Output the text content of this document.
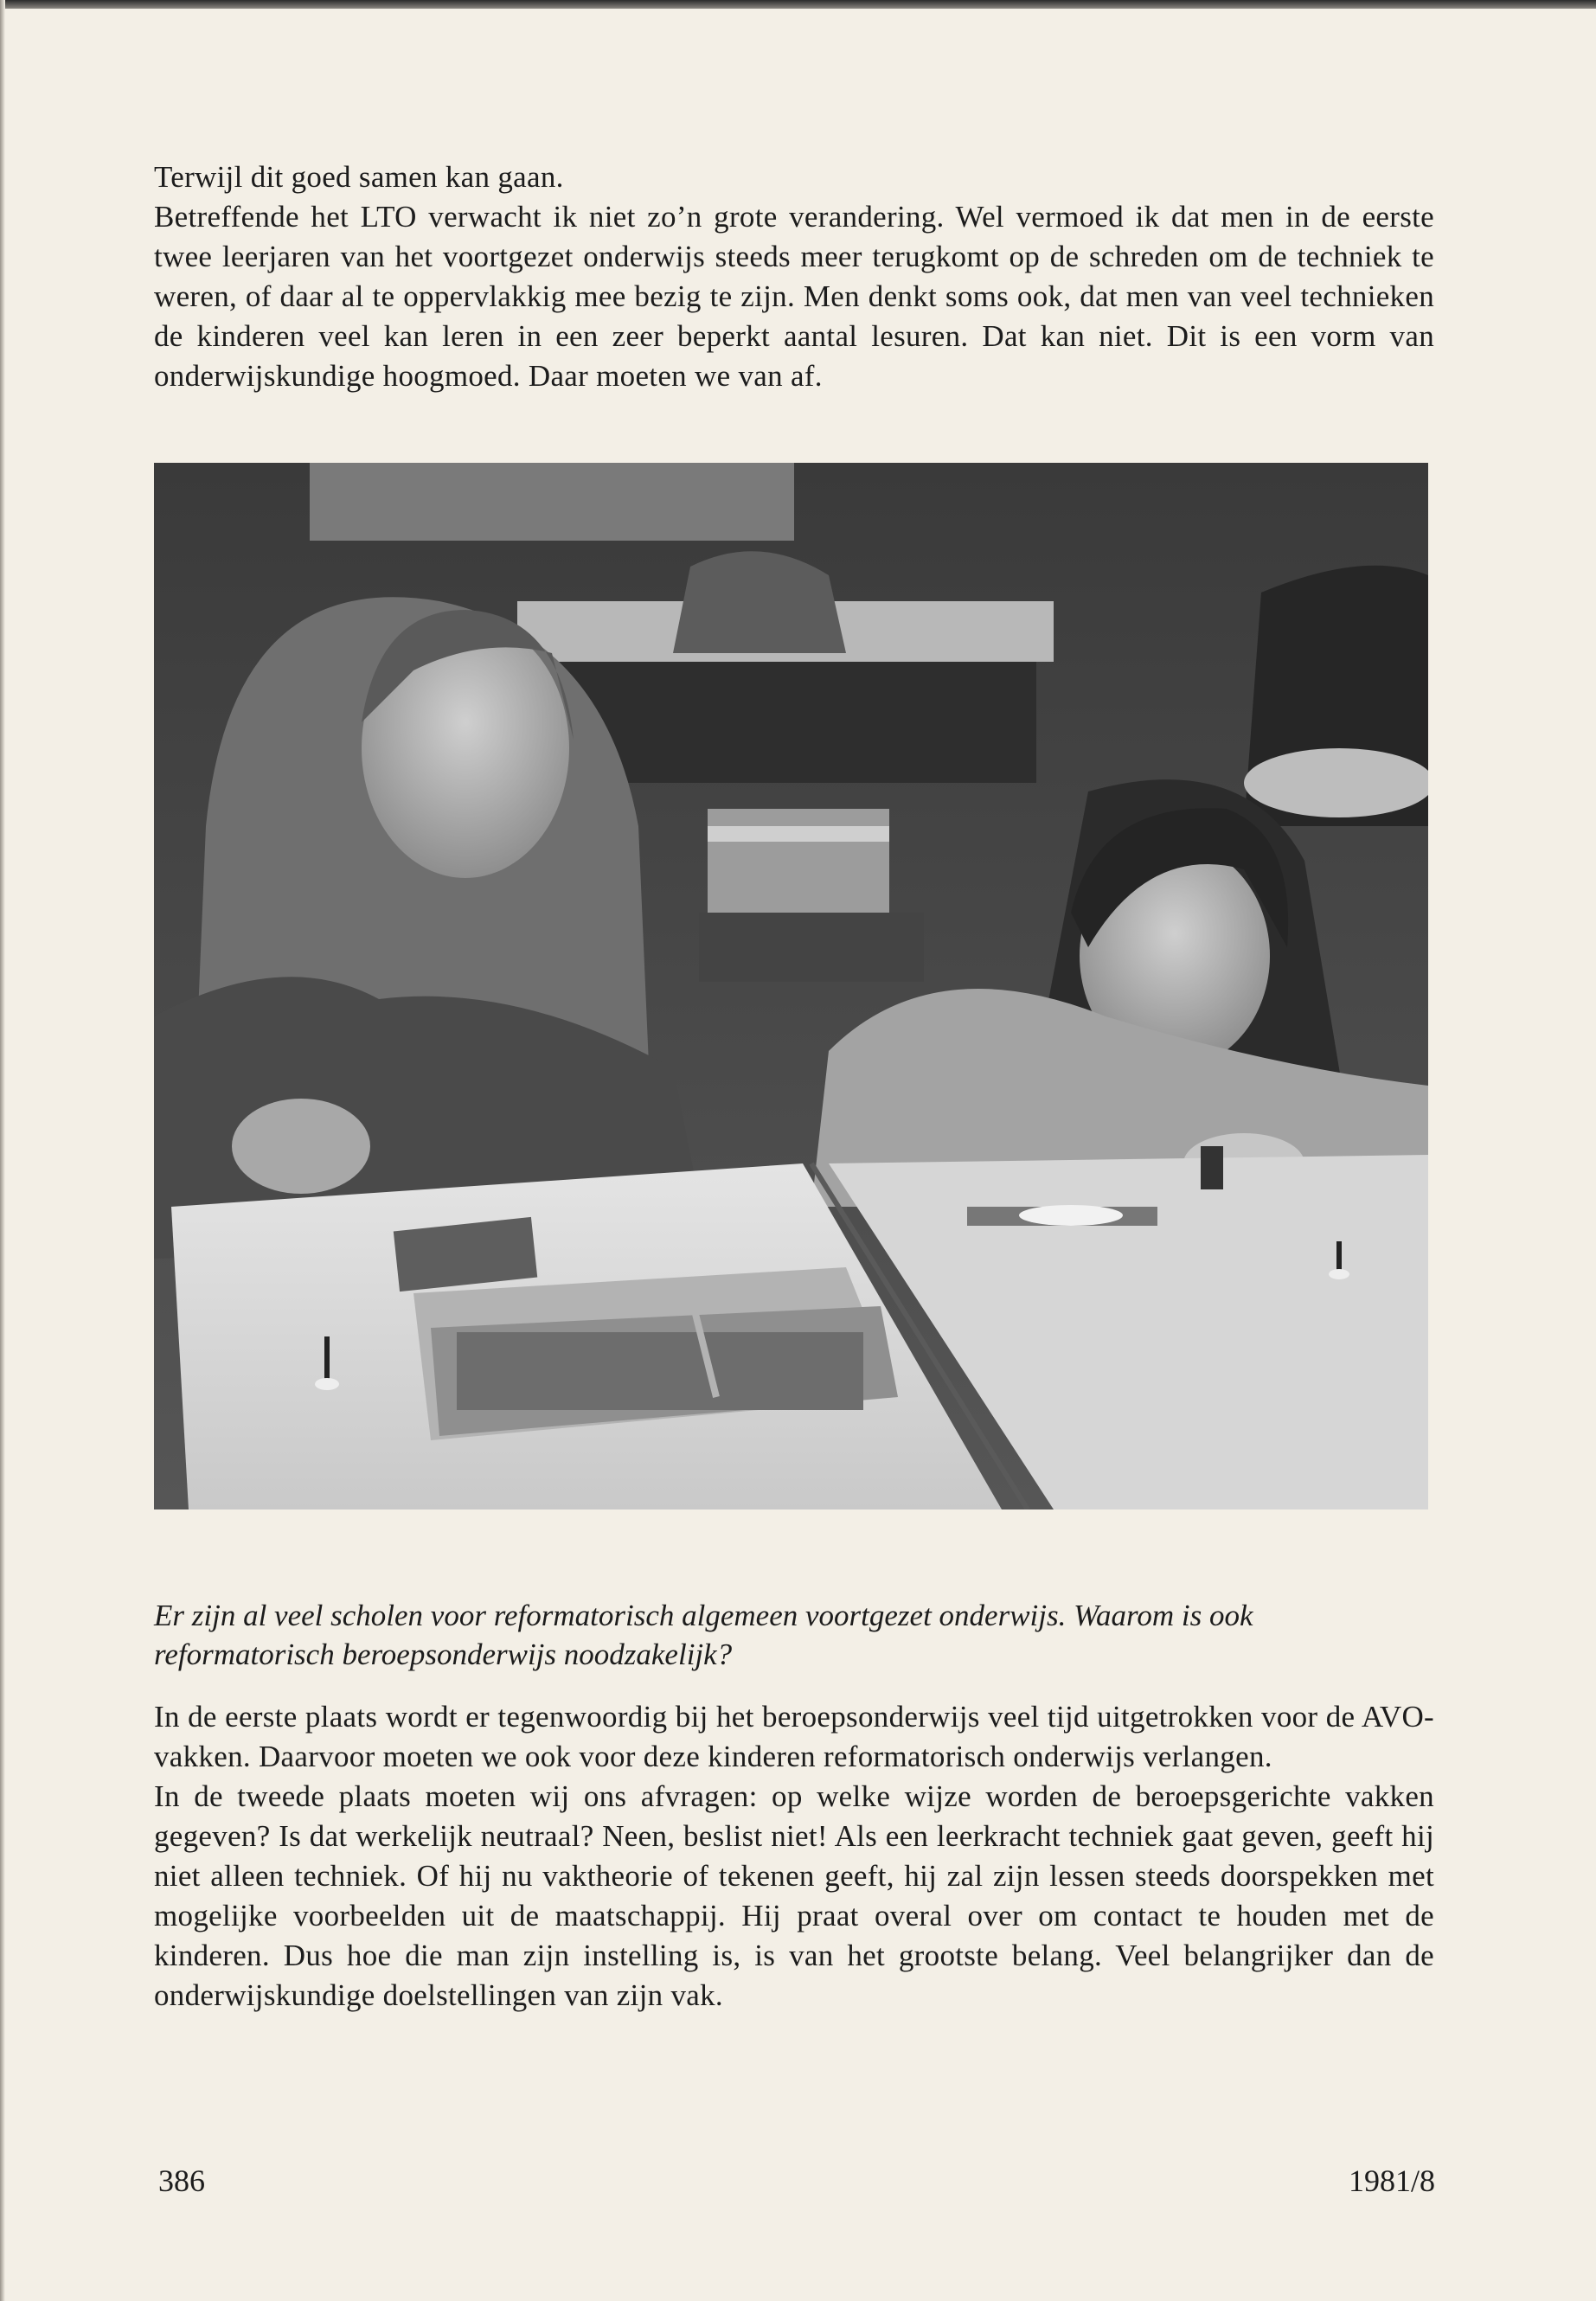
Terwijl dit goed samen kan gaan.

Betreffende het LTO verwacht ik niet zo’n grote verandering. Wel vermoed ik dat men in de eerste twee leerjaren van het voortgezet onderwijs steeds meer terugkomt op de schreden om de techniek te weren, of daar al te oppervlakkig mee bezig te zijn. Men denkt soms ook, dat men van veel technieken de kinderen veel kan leren in een zeer beperkt aantal lesuren. Dat kan niet. Dit is een vorm van onderwijskundige hoogmoed. Daar moeten we van af.

Er zijn al veel scholen voor reformatorisch algemeen voortgezet onderwijs. Waarom is ook reformatorisch beroepsonderwijs noodzakelijk?

In de eerste plaats wordt er tegenwoordig bij het beroepsonderwijs veel tijd uitgetrokken voor de AVO-vakken. Daarvoor moeten we ook voor deze kinderen reformatorisch onderwijs verlangen.

In de tweede plaats moeten wij ons afvragen: op welke wijze worden de beroepsgerichte vakken gegeven? Is dat werkelijk neutraal? Neen, beslist niet! Als een leerkracht techniek gaat geven, geeft hij niet alleen techniek. Of hij nu vaktheorie of tekenen geeft, hij zal zijn lessen steeds doorspekken met mogelijke voorbeelden uit de maatschappij. Hij praat overal over om contact te houden met de kinderen. Dus hoe die man zijn instelling is, is van het grootste belang. Veel belangrijker dan de onderwijskundige doelstellingen van zijn vak.

386	1981/8
